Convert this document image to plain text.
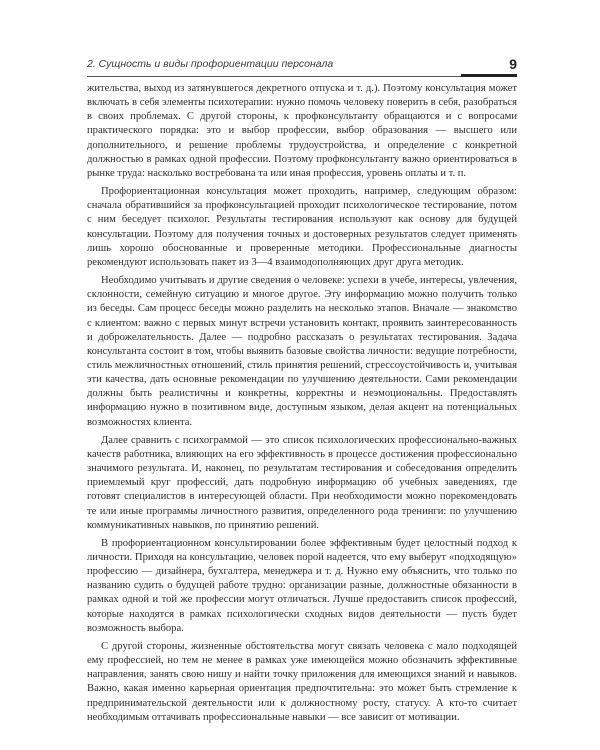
2. Сущность и виды профориентации персонала	9

жительства, выход из затянувшегося декретного отпуска и т. д.). Поэтому консультация может включать в себя элементы психотерапии: нужно помочь человеку поверить в себя, разобраться в своих проблемах. С другой стороны, к профконсультанту обращаются и с вопросами практического порядка: это и выбор профессии, выбор образования — высшего или дополнительного, и решение проблемы трудоустройства, и определение с конкретной должностью в рамках одной профессии. Поэтому профконсультанту важно ориентироваться в рынке труда: насколько востребована та или иная профессия, уровень оплаты и т. п.

Профориентационная консультация может проходить, например, следующим образом: сначала обратившийся за профконсультацией проходит психологическое тестирование, потом с ним беседует психолог. Результаты тестирования используют как основу для будущей консультации. Поэтому для получения точных и достоверных результатов следует применять лишь хорошо обоснованные и проверенные методики. Профессиональные диагносты рекомендуют использовать пакет из 3—4 взаимодополняющих друг друга методик.

Необходимо учитывать и другие сведения о человеке: успехи в учебе, интересы, увлечения, склонности, семейную ситуацию и многое другое. Эту информацию можно получить только из беседы. Сам процесс беседы можно разделить на несколько этапов. Вначале — знакомство с клиентом: важно с первых минут встречи установить контакт, проявить заинтересованность и доброжелательность. Далее — подробно рассказать о результатах тестирования. Задача консультанта состоит в том, чтобы выявить базовые свойства личности: ведущие потребности, стиль межличностных отношений, стиль принятия решений, стрессоустойчивость и, учитывая эти качества, дать основные рекомендации по улучшению деятельности. Сами рекомендации должны быть реалистичны и конкретны, корректны и неэмоциональны. Предоставлять информацию нужно в позитивном виде, доступным языком, делая акцент на потенциальных возможностях клиента.

Далее сравнить с психограммой — это список психологических профессионально-важных качеств работника, влияющих на его эффективность в процессе достижения профессионально значимого результата. И, наконец, по результатам тестирования и собеседования определить приемлемый круг профессий, дать подробную информацию об учебных заведениях, где готовят специалистов в интересующей области. При необходимости можно порекомендовать те или иные программы личностного развития, определенного рода тренинги: по улучшению коммуникативных навыков, по принятию решений.

В профориентационном консультировании более эффективным будет целостный подход к личности. Приходя на консультацию, человек порой надеется, что ему выберут «подходящую» профессию — дизайнера, бухгалтера, менеджера и т. д. Нужно ему объяснить, что только по названию судить о будущей работе трудно: организации разные, должностные обязанности в рамках одной и той же профессии могут отличаться. Лучше предоставить список профессий, которые находятся в рамках психологически сходных видов деятельности — пусть будет возможность выбора.

С другой стороны, жизненные обстоятельства могут связать человека с мало подходящей ему профессией, но тем не менее в рамках уже имеющейся можно обозначить эффективные направления, занять свою нишу и найти точку приложения для имеющихся знаний и навыков. Важно, какая именно карьерная ориентация предпочтительна: это может быть стремление к предпринимательской деятельности или к должностному росту, статусу. А кто-то считает необходимым оттачивать профессиональные навыки — все зависит от мотивации.
